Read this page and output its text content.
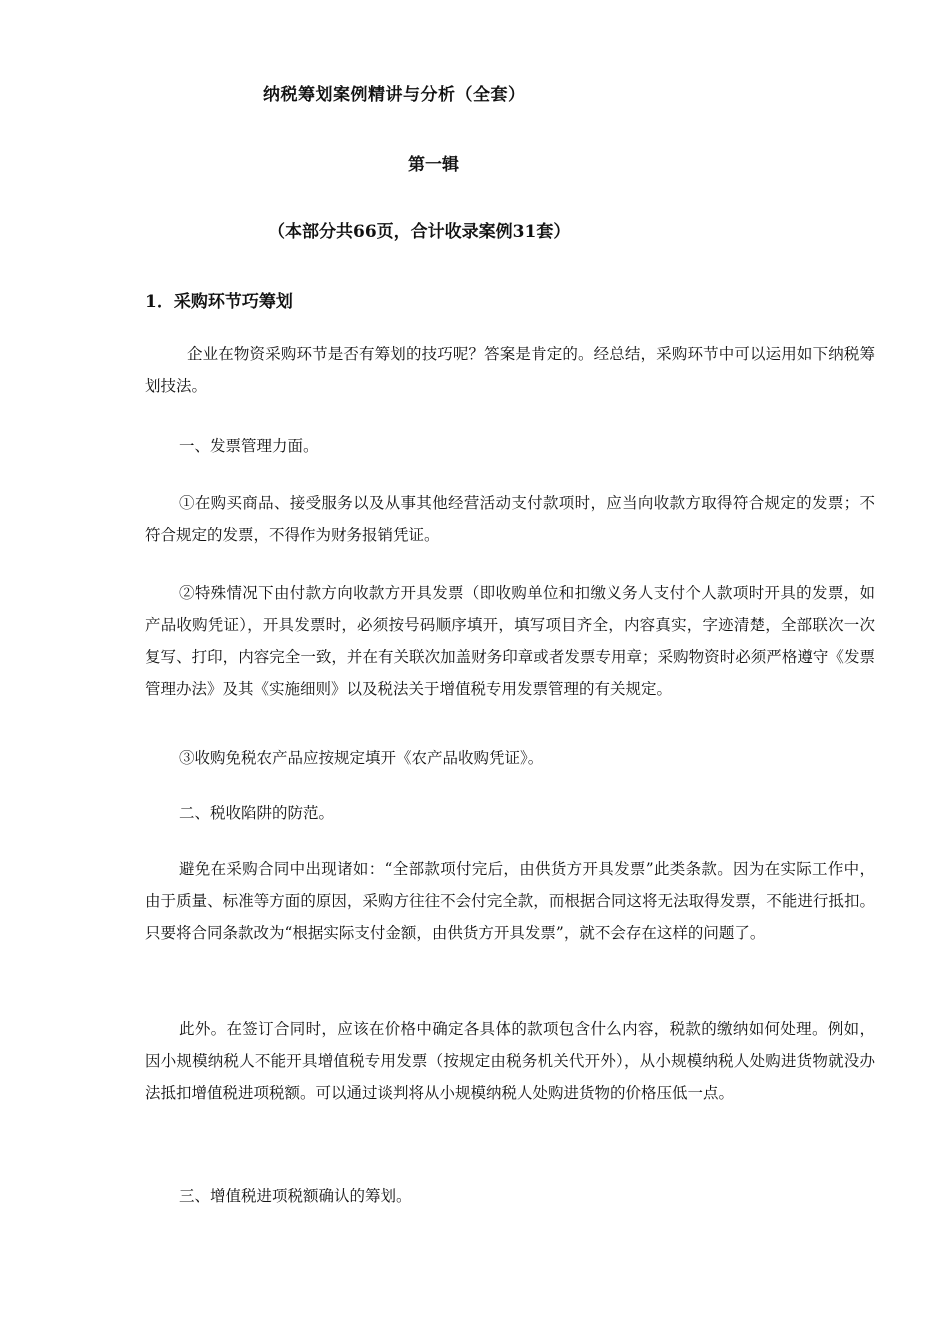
纳税筹划案例精讲与分析（全套）
第一辑
（本部分共66页，合计收录案例31套）
1．采购环节巧筹划

企业在物资采购环节是否有筹划的技巧呢？答案是肯定的。经总结，采购环节中可以运用如下纳税筹划技法。

一、发票管理力面。

①在购买商品、接受服务以及从事其他经营活动支付款项时，应当向收款方取得符合规定的发票；不符合规定的发票，不得作为财务报销凭证。

②特殊情况下由付款方向收款方开具发票（即收购单位和扣缴义务人支付个人款项时开具的发票，如产品收购凭证），开具发票时，必须按号码顺序填开，填写项目齐全，内容真实，字迹清楚，全部联次一次复写、打印，内容完全一致，并在有关联次加盖财务印章或者发票专用章；采购物资时必须严格遵守《发票管理办法》及其《实施细则》以及税法关于增值税专用发票管理的有关规定。

③收购免税农产品应按规定填开《农产品收购凭证》。

二、税收陷阱的防范。

避免在采购合同中出现诸如：“全部款项付完后，由供货方开具发票”此类条款。因为在实际工作中，由于质量、标准等方面的原因，采购方往往不会付完全款，而根据合同这将无法取得发票，不能进行抵扣。只要将合同条款改为“根据实际支付金额，由供货方开具发票”，就不会存在这样的问题了。

此外。在签订合同时，应该在价格中确定各具体的款项包含什么内容，税款的缴纳如何处理。例如，因小规模纳税人不能开具增值税专用发票（按规定由税务机关代开外），从小规模纳税人处购进货物就没办法抵扣增值税进项税额。可以通过谈判将从小规模纳税人处购进货物的价格压低一点。

三、增值税进项税额确认的筹划。
